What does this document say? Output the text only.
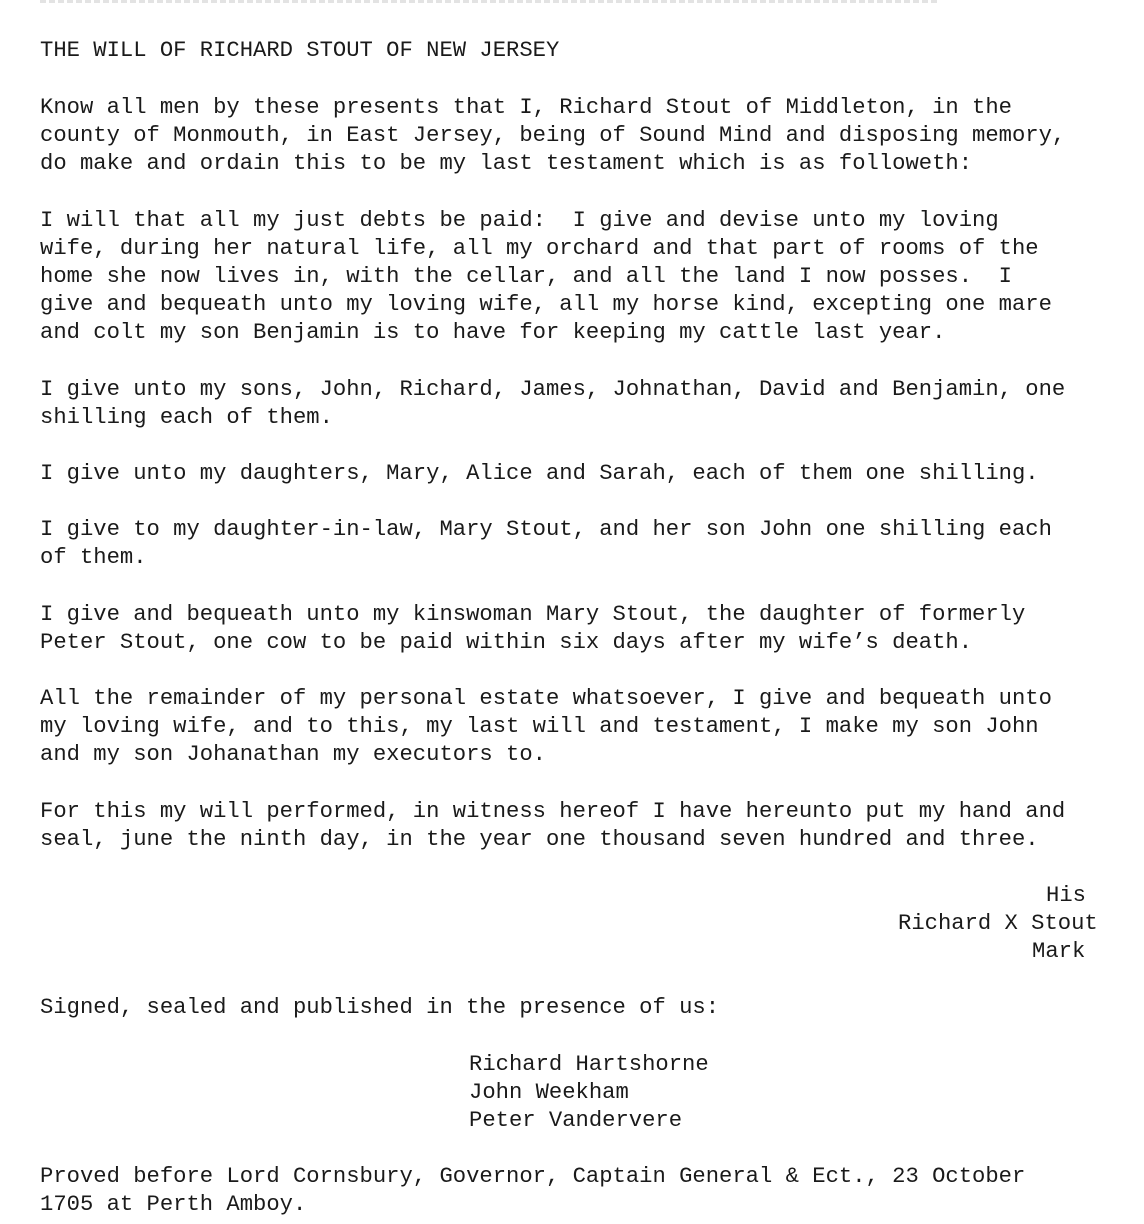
THE WILL OF RICHARD STOUT OF NEW JERSEY
Know all men by these presents that I, Richard Stout of Middleton, in the
county of Monmouth, in East Jersey, being of Sound Mind and disposing memory,
do make and ordain this to be my last testament which is as followeth:
I will that all my just debts be paid:  I give and devise unto my loving
wife, during her natural life, all my orchard and that part of rooms of the
home she now lives in, with the cellar, and all the land I now posses.  I
give and bequeath unto my loving wife, all my horse kind, excepting one mare
and colt my son Benjamin is to have for keeping my cattle last year.
I give unto my sons, John, Richard, James, Johnathan, David and Benjamin, one
shilling each of them.
I give unto my daughters, Mary, Alice and Sarah, each of them one shilling.
I give to my daughter-in-law, Mary Stout, and her son John one shilling each
of them.
I give and bequeath unto my kinswoman Mary Stout, the daughter of formerly
Peter Stout, one cow to be paid within six days after my wife’s death.
All the remainder of my personal estate whatsoever, I give and bequeath unto
my loving wife, and to this, my last will and testament, I make my son John
and my son Johanathan my executors to.
For this my will performed, in witness hereof I have hereunto put my hand and
seal, june the ninth day, in the year one thousand seven hundred and three.
His
Richard X Stout
Mark
Signed, sealed and published in the presence of us:
Richard Hartshorne
John Weekham
Peter Vandervere
Proved before Lord Cornsbury, Governor, Captain General & Ect., 23 October
1705 at Perth Amboy.
